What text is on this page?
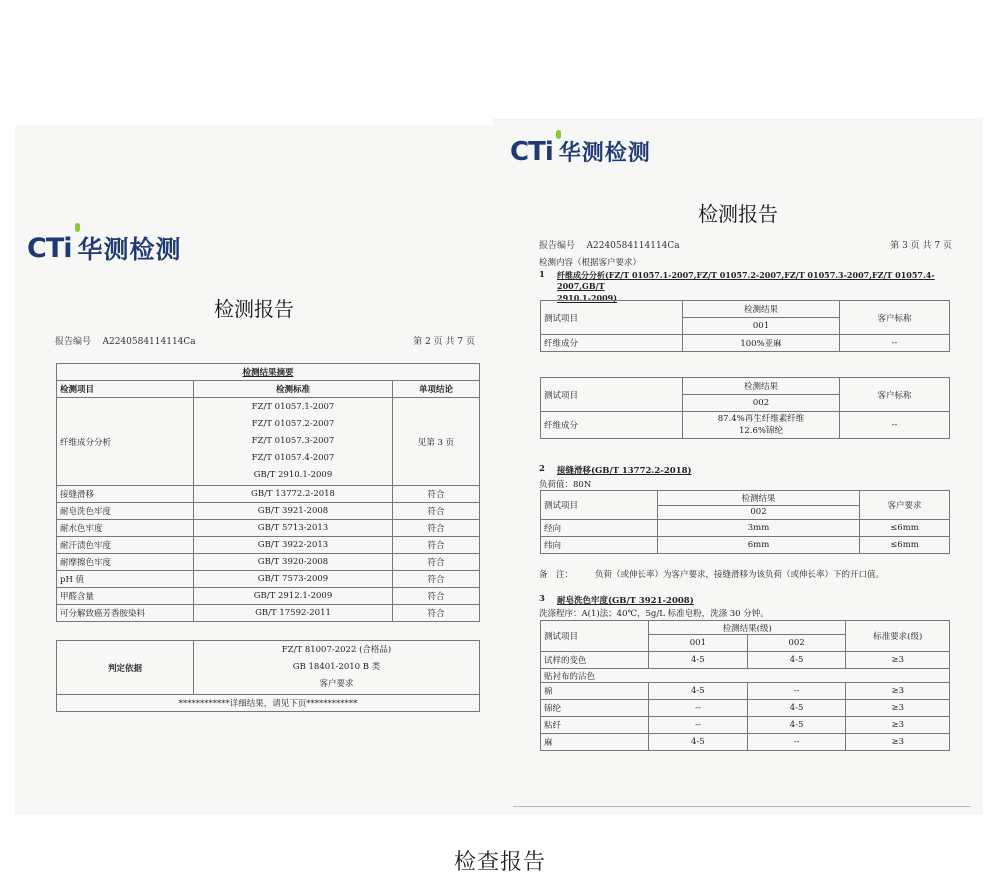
CTi 华测检测
检测报告
报告编号 A2240584114114Ca	第 2 页 共 7 页
检测结果摘要		
检测项目	检测标准	单项结论
纤维成分分析	FZ/T 01057.1-2007
FZ/T 01057.2-2007
FZ/T 01057.3-2007
FZ/T 01057.4-2007
GB/T 2910.1-2009	见第 3 页
接缝滑移	GB/T 13772.2-2018	符合
耐皂洗色牢度	GB/T 3921-2008	符合
耐水色牢度	GB/T 5713-2013	符合
耐汗渍色牢度	GB/T 3922-2013	符合
耐摩擦色牢度	GB/T 3920-2008	符合
pH 值	GB/T 7573-2009	符合
甲醛含量	GB/T 2912.1-2009	符合
可分解致癌芳香胺染料	GB/T 17592-2011	符合
判定依据	
FZ/T 81007-2022 (合格品)
GB 18401-2010 B 类
客户要求

************详细结果，请见下页************
CTi 华测检测
检测报告
报告编号 A2240584114114Ca	第 3 页 共 7 页
检测内容（根据客户要求）
1 纤维成分分析(FZ/T 01057.1-2007,FZ/T 01057.2-2007,FZ/T 01057.3-2007,FZ/T 01057.4-2007,GB/T
2910.1-2009)
测试项目	检测结果	客户标称
	001	
纤维成分	100%亚麻	--
测试项目	检测结果	客户标称
	002	
纤维成分	87.4%再生纤维素纤维
12.6%锦纶	--
2 接缝滑移(GB/T 13772.2-2018)
负荷值：80N
测试项目	检测结果	客户要求
	002	
经向	3mm	≤6mm
纬向	6mm	≤6mm
备　注：	负荷（或伸长率）为客户要求，接缝滑移为该负荷（或伸长率）下的开口值。
3 耐皂洗色牢度(GB/T 3921-2008)
洗涤程序：A(1)法；40℃，5g/L 标准皂粉，洗涤 30 分钟。
测试项目	检测结果(级)		标准要求(级)
	001	002	
试样的变色	4-5	4-5	≥3
贴衬布的沾色			
棉	4-5	--	≥3
锦纶	--	4-5	≥3
粘纤	--	4-5	≥3
麻	4-5	--	≥3
检查报告
